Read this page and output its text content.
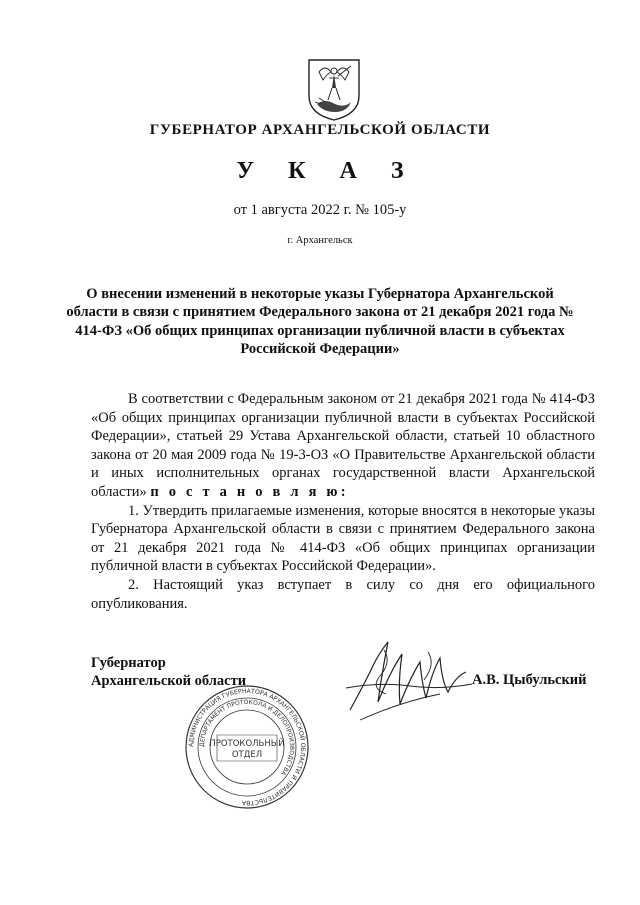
ГУБЕРНАТОР АРХАНГЕЛЬСКОЙ ОБЛАСТИ
У К А З
от 1 августа 2022 г. № 105-у
г. Архангельск
О внесении изменений в некоторые указы Губернатора Архангельской области в связи с принятием Федерального закона от 21 декабря 2021 года № 414-ФЗ «Об общих принципах организации публичной власти в субъектах Российской Федерации»

В соответствии с Федеральным законом от 21 декабря 2021 года № 414-ФЗ «Об общих принципах организации публичной власти в субъектах Российской Федерации», статьей 29 Устава Архангельской области, статьей 10 областного закона от 20 мая 2009 года № 19-3-ОЗ «О Правительстве Архангельской области и иных исполнительных органах государственной власти Архангельской области» п о с т а н о в л я ю:

1. Утвердить прилагаемые изменения, которые вносятся в некоторые указы Губернатора Архангельской области в связи с принятием Федерального закона от 21 декабря 2021 года № 414-ФЗ «Об общих принципах организации публичной власти в субъектах Российской Федерации».

2. Настоящий указ вступает в силу со дня его официального опубликования.

Губернатор
Архангельской области	А.В. Цыбульский
АДМИНИСТРАЦИЯ ГУБЕРНАТОРА АРХАНГЕЛЬСКОЙ ОБЛАСТИ И ПРАВИТЕЛЬСТВА
ДЕПАРТАМЕНТ ПРОТОКОЛА И ДЕЛОПРОИЗВОДСТВА
ПРОТОКОЛЬНЫЙ
ОТДЕЛ
